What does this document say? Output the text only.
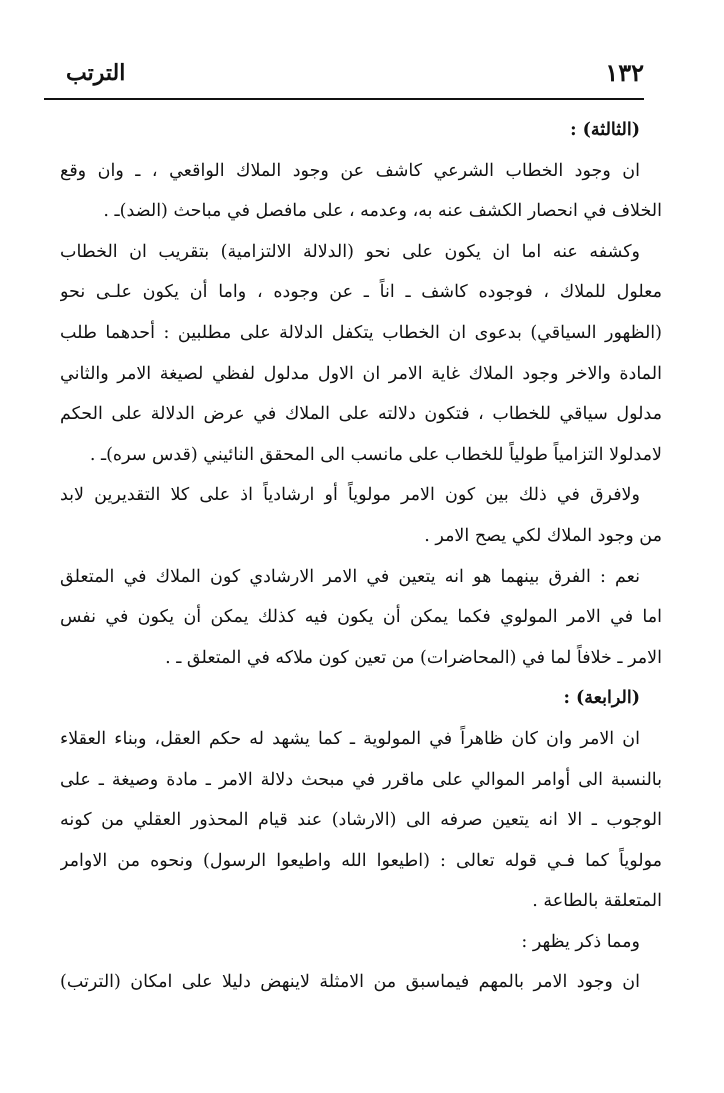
١٣٢
الترتب
(الثالثة) :
ان وجود الخطاب الشرعي كاشف عن وجود الملاك الواقعي ، ـ وان وقع
الخلاف في انحصار الكشف عنه به، وعدمه ، على مافصل في مباحث (الضد)ـ .
وكشفه عنه اما ان يكون على نحو (الدلالة الالتزامية) بتقريب ان الخطاب
معلول للملاك ، فوجوده كاشف ـ اناً ـ عن وجوده ، واما أن يكون علـى نحو
(الظهور السياقي) بدعوى ان الخطاب يتكفل الدلالة على مطلبين : أحدهما طلب
المادة والاخر وجود الملاك غاية الامر ان الاول مدلول لفظي لصيغة الامر والثاني
مدلول سياقي للخطاب ، فتكون دلالته على الملاك في عرض الدلالة على الحكم
لامدلولا التزامياً طولياً للخطاب على مانسب الى المحقق النائيني (قدس سره)ـ .
ولافرق في ذلك بين كون الامر مولوياً أو ارشادياً اذ على كلا التقديرين لابد
من وجود الملاك لكي يصح الامر .
نعم : الفرق بينهما هو انه يتعين في الامر الارشادي كون الملاك في المتعلق
اما في الامر المولوي فكما يمكن أن يكون فيه كذلك يمكن أن يكون في نفس
الامر ـ خلافاً لما في (المحاضرات) من تعين كون ملاكه في المتعلق ـ .
(الرابعة) :
ان الامر وان كان ظاهراً في المولوية ـ كما يشهد له حكم العقل، وبناء العقلاء
بالنسبة الى أوامر الموالي على ماقرر في مبحث دلالة الامر ـ مادة وصيغة ـ على
الوجوب ـ الا انه يتعين صرفه الى (الارشاد) عند قيام المحذور العقلي من كونه
مولوياً كما فـي قوله تعالى : (اطيعوا الله واطيعوا الرسول) ونحوه من الاوامر
المتعلقة بالطاعة .
ومما ذكر يظهر :
ان وجود الامر بالمهم فيماسبق من الامثلة لاينهض دليلا على امكان (الترتب)
